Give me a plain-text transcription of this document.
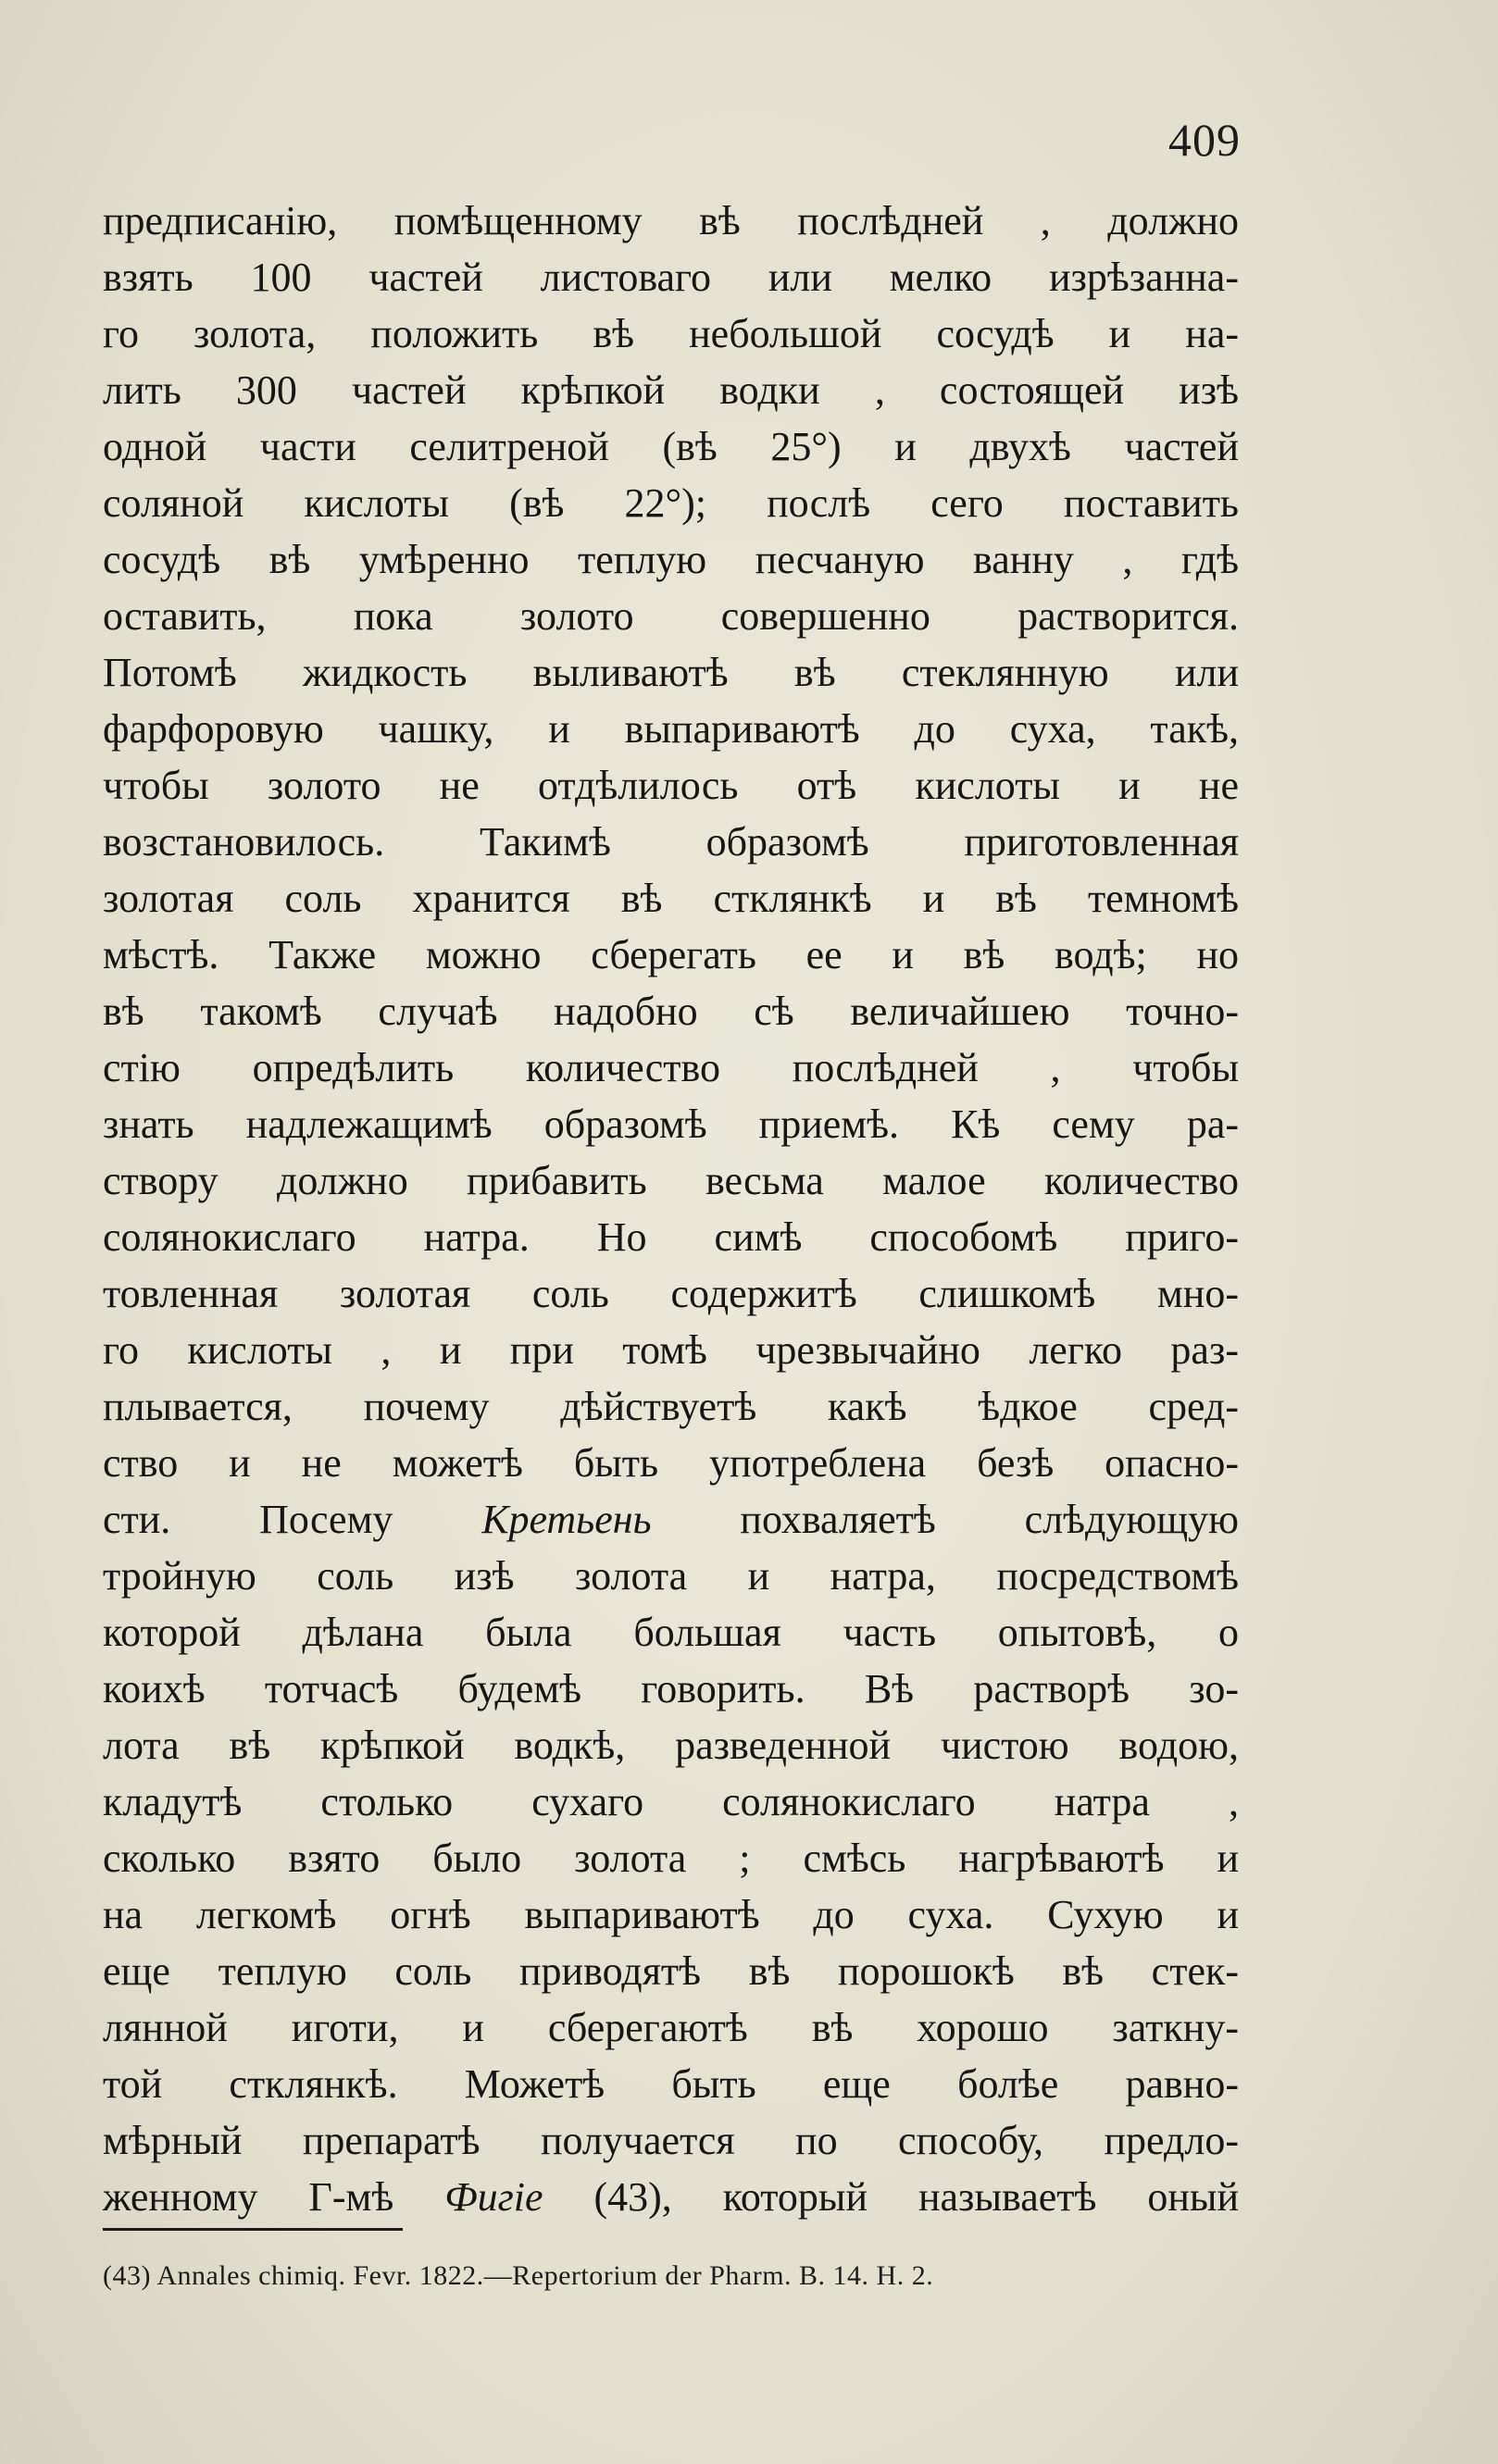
409
предписанію, помѣщенному вѣ послѣдней , должно
взять 100 частей листоваго или мелко изрѣзанна-
го золота, положить вѣ небольшой сосудѣ и на-
лить 300 частей крѣпкой водки , состоящей изѣ
одной части селитреной (вѣ 25°) и двухѣ частей
соляной кислоты (вѣ 22°); послѣ сего поставить
сосудѣ вѣ умѣренно теплую песчаную ванну , гдѣ
оставить, пока золото совершенно растворится.
Потомѣ жидкость выливаютѣ вѣ стеклянную или
фарфоровую чашку, и выпариваютѣ до суха, такѣ,
чтобы золото не отдѣлилось отѣ кислоты и не
возстановилось. Такимѣ образомѣ приготовленная
золотая соль хранится вѣ стклянкѣ и вѣ темномѣ
мѣстѣ. Также можно сберегать ее и вѣ водѣ; но
вѣ такомѣ случаѣ надобно сѣ величайшею точно-
стію опредѣлить количество послѣдней , чтобы
знать надлежащимѣ образомѣ приемѣ. Кѣ сему ра-
створу должно прибавить весьма малое количество
солянокислаго натра. Но симѣ способомѣ приго-
товленная золотая соль содержитѣ слишкомѣ мно-
го кислоты , и при томѣ чрезвычайно легко раз-
плывается, почему дѣйствуетѣ какѣ ѣдкое сред-
ство и не можетѣ быть употреблена безѣ опасно-
сти. Посему Кретьень похваляетѣ слѣдующую
тройную соль изѣ золота и натра, посредствомѣ
которой дѣлана была большая часть опытовѣ, о
коихѣ тотчасѣ будемѣ говорить. Вѣ растворѣ зо-
лота вѣ крѣпкой водкѣ, разведенной чистою водою,
кладутѣ столько сухаго солянокислаго натра ,
сколько взято было золота ; смѣсь нагрѣваютѣ и
на легкомѣ огнѣ выпариваютѣ до суха. Сухую и
еще теплую соль приводятѣ вѣ порошокѣ вѣ стек-
лянной иготи, и сберегаютѣ вѣ хорошо заткну-
той стклянкѣ. Можетѣ быть еще болѣе равно-
мѣрный препаратѣ получается по способу, предло-
женному Г-мѣ Фигіе (43), который называетѣ оный
(43) Annales chimiq. Fevr. 1822.—Repertorium der Pharm. B. 14. H. 2.
